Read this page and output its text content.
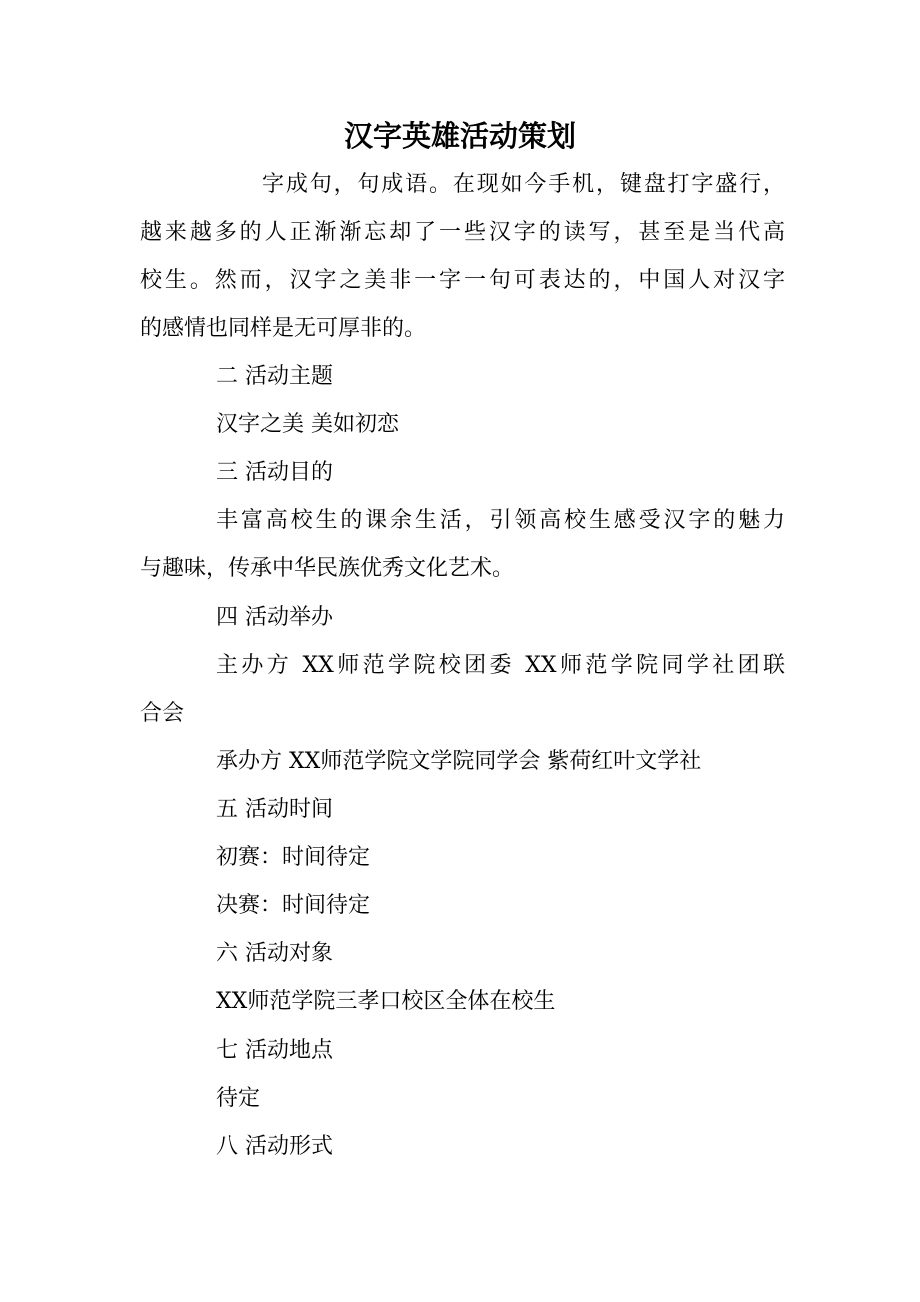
汉字英雄活动策划
字成句，句成语。在现如今手机，键盘打字盛行，
越来越多的人正渐渐忘却了一些汉字的读写，甚至是当代高
校生。然而，汉字之美非一字一句可表达的，中国人对汉字
的感情也同样是无可厚非的。
二 活动主题
汉字之美 美如初恋
三 活动目的
丰富高校生的课余生活，引领高校生感受汉字的魅力
与趣味，传承中华民族优秀文化艺术。
四 活动举办
主办方 XX师范学院校团委 XX师范学院同学社团联
合会
承办方 XX师范学院文学院同学会 紫荷红叶文学社
五 活动时间
初赛：时间待定
决赛：时间待定
六 活动对象
XX师范学院三孝口校区全体在校生
七 活动地点
待定
八 活动形式
